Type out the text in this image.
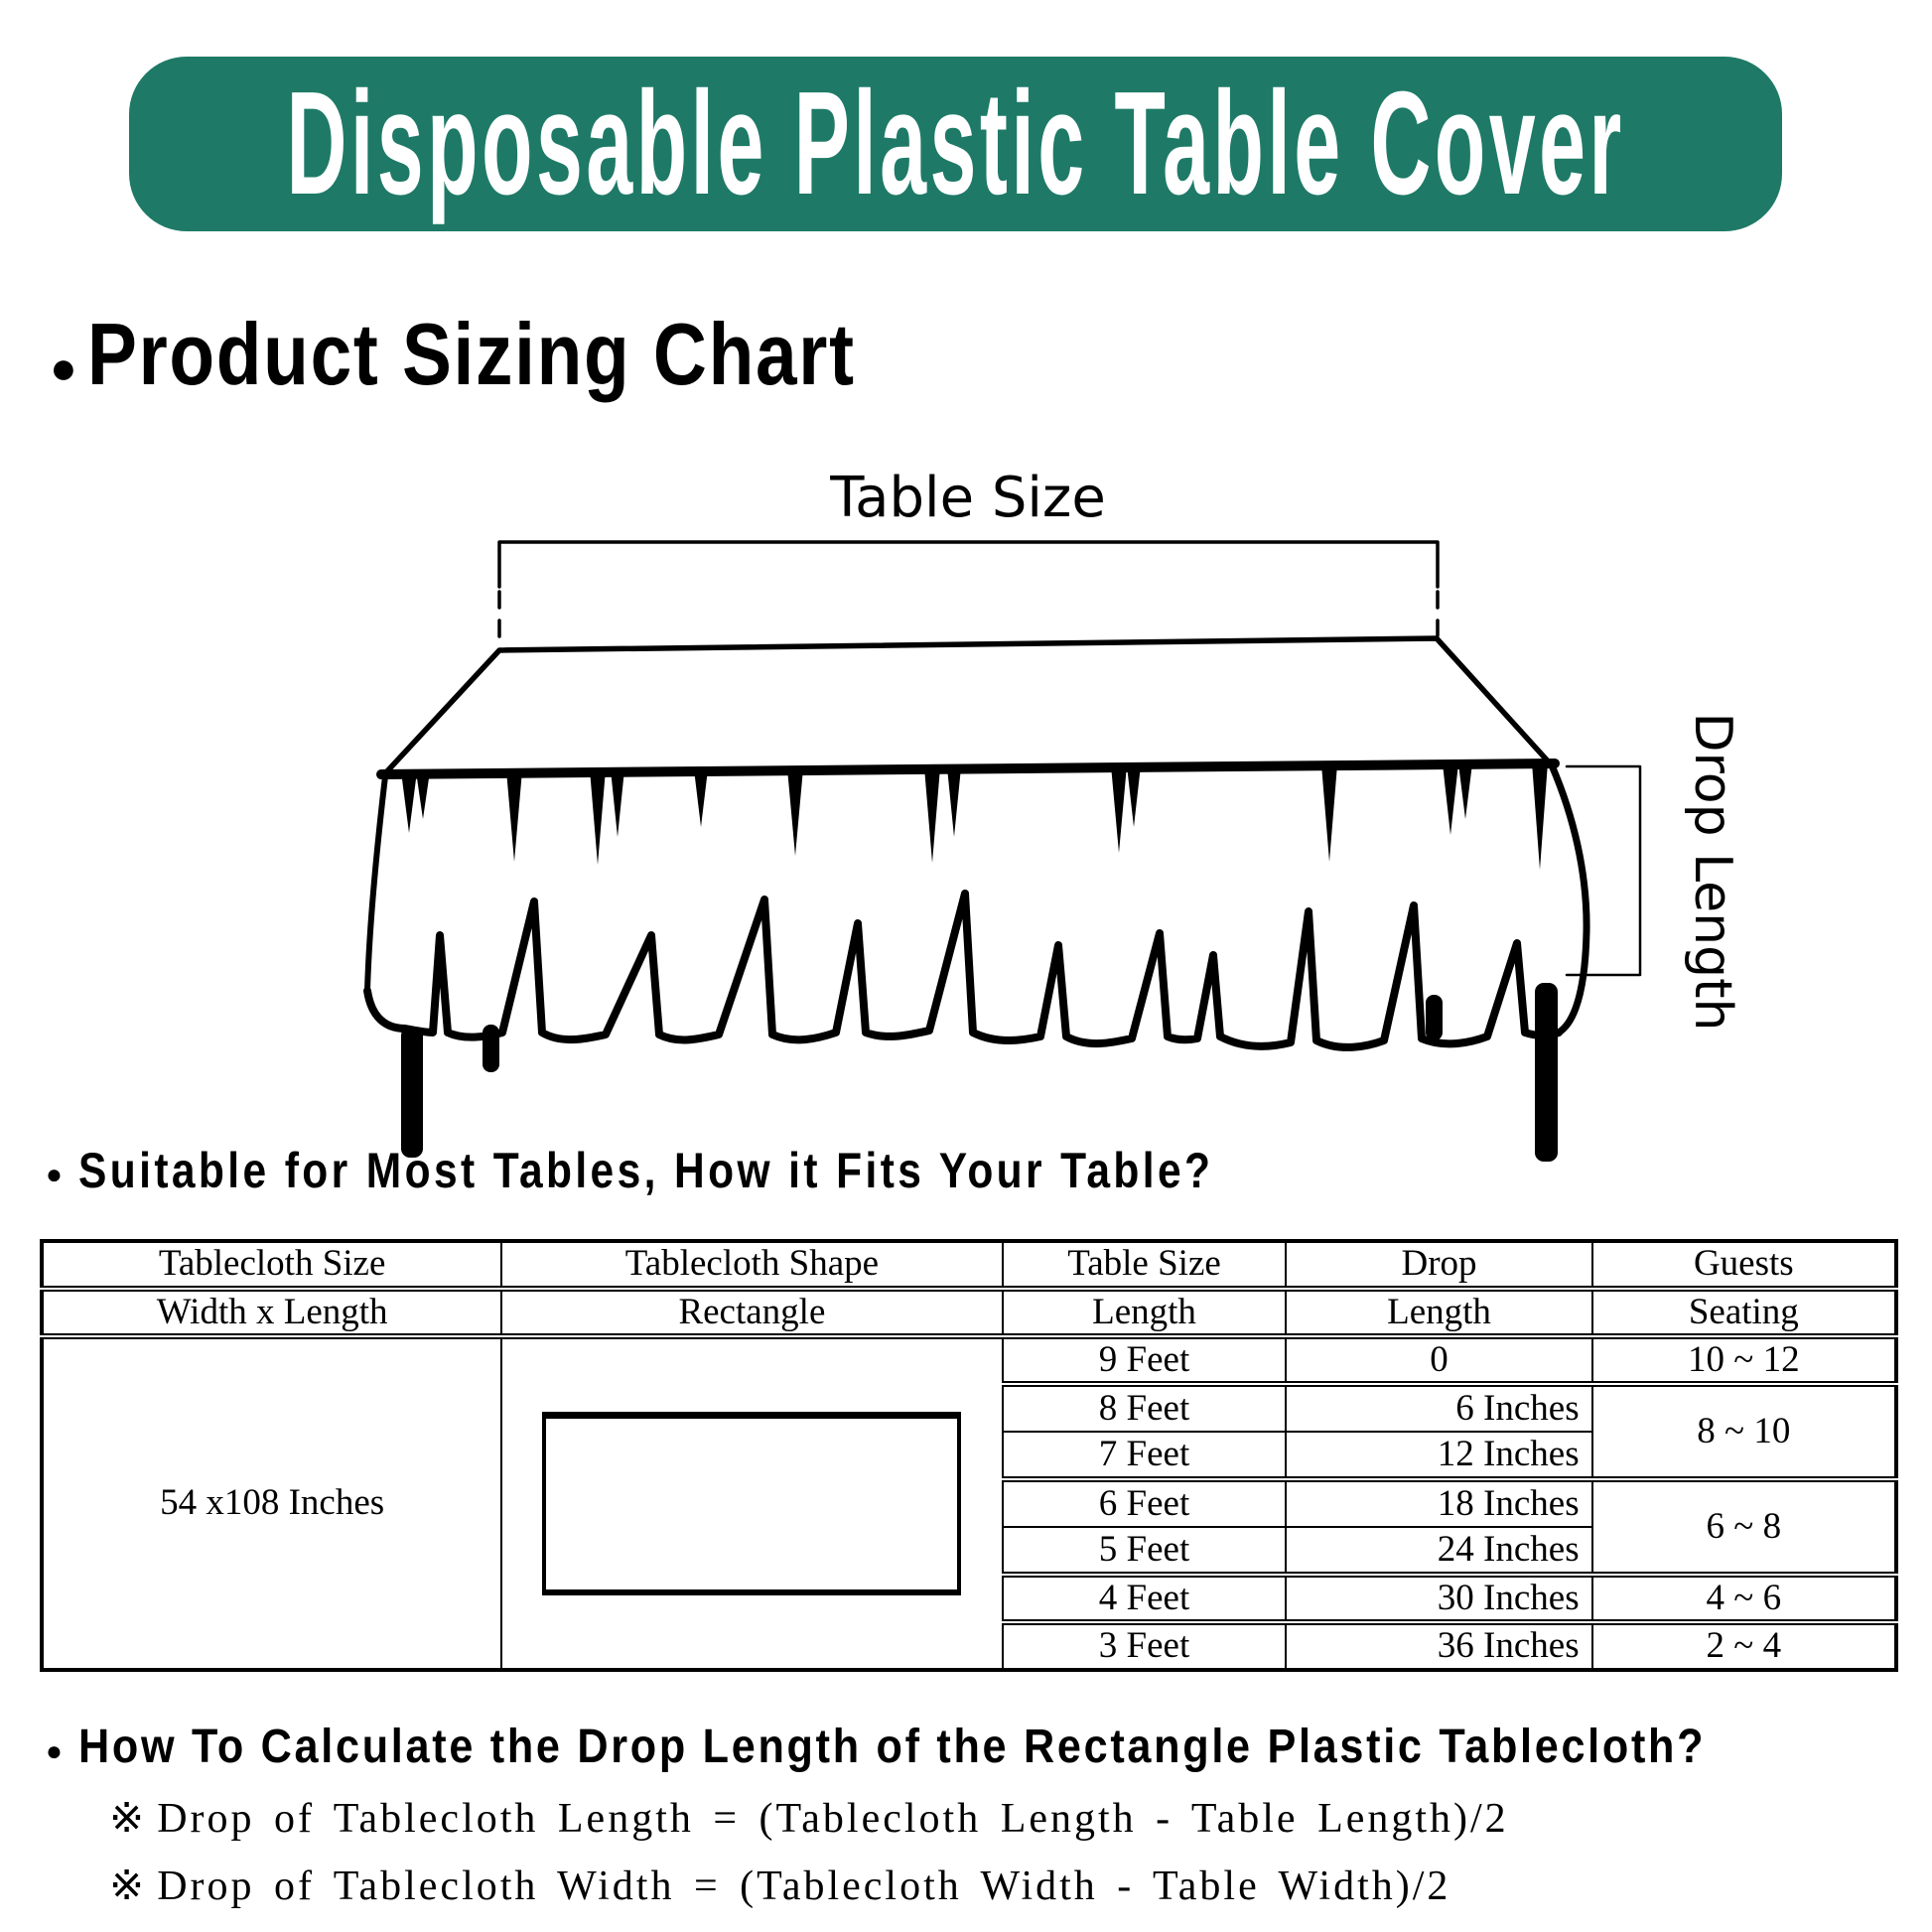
Table Size
Drop Length
Disposable Plastic Table Cover
● Product Sizing Chart
● Suitable for Most Tables, How it Fits Your Table?
● How To Calculate the Drop Length of the Rectangle Plastic Tablecloth?
Tablecloth Size	Tablecloth Shape	Table Size	Drop	Guests
Width x Length	Rectangle	Length	Length	Seating
54 x108 Inches		9 Feet	0	10 ~ 12
		8 Feet	6 Inches	8 ~ 10
		7 Feet	12 Inches	
		6 Feet	18 Inches	6 ~ 8
		5 Feet	24 Inches	
		4 Feet	30 Inches	4 ~ 6
		3 Feet	36 Inches	2 ~ 4
※ Drop of Tablecloth Length = (Tablecloth Length - Table Length)/2
※ Drop of Tablecloth Width = (Tablecloth Width - Table Width)/2
